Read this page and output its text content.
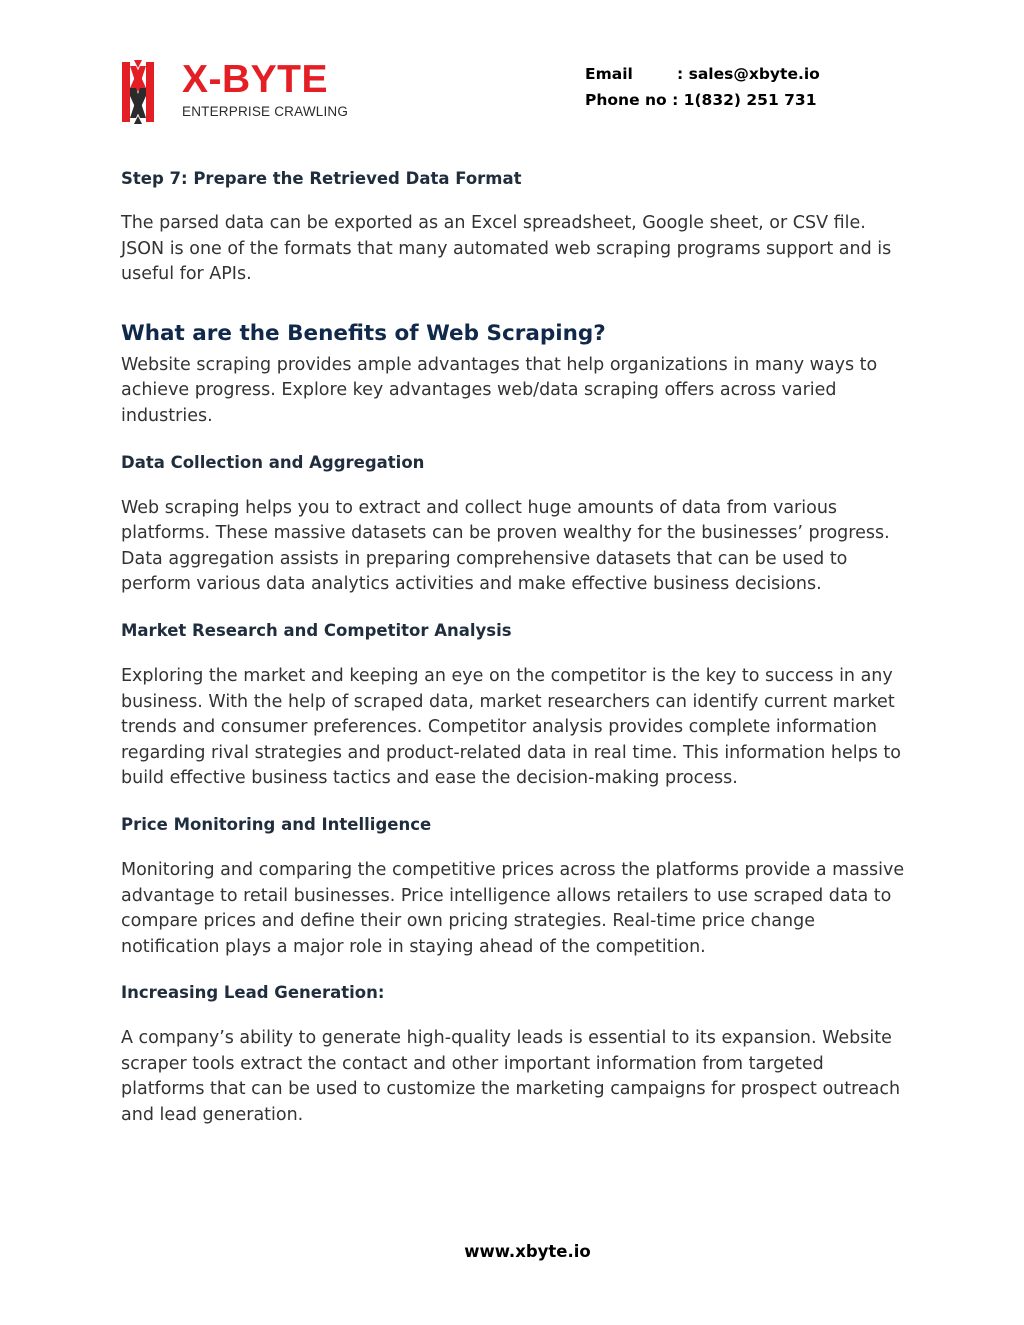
X-BYTE
ENTERPRISE CRAWLING
Email	: sales@xbyte.io
Phone no : 1(832) 251 731
Step 7: Prepare the Retrieved Data Format

The parsed data can be exported as an Excel spreadsheet, Google sheet, or CSV file. JSON is one of the formats that many automated web scraping programs support and is useful for APIs.

What are the Benefits of Web Scraping?

Website scraping provides ample advantages that help organizations in many ways to achieve progress. Explore key advantages web/data scraping offers across varied industries.

Data Collection and Aggregation

Web scraping helps you to extract and collect huge amounts of data from various platforms. These massive datasets can be proven wealthy for the businesses’ progress. Data aggregation assists in preparing comprehensive datasets that can be used to perform various data analytics activities and make effective business decisions.

Market Research and Competitor Analysis

Exploring the market and keeping an eye on the competitor is the key to success in any business. With the help of scraped data, market researchers can identify current market trends and consumer preferences. Competitor analysis provides complete information regarding rival strategies and product-related data in real time. This information helps to build effective business tactics and ease the decision-making process.

Price Monitoring and Intelligence

Monitoring and comparing the competitive prices across the platforms provide a massive advantage to retail businesses. Price intelligence allows retailers to use scraped data to compare prices and define their own pricing strategies. Real-time price change notification plays a major role in staying ahead of the competition.

Increasing Lead Generation:

A company’s ability to generate high-quality leads is essential to its expansion. Website scraper tools extract the contact and other important information from targeted platforms that can be used to customize the marketing campaigns for prospect outreach and lead generation.

www.xbyte.io
